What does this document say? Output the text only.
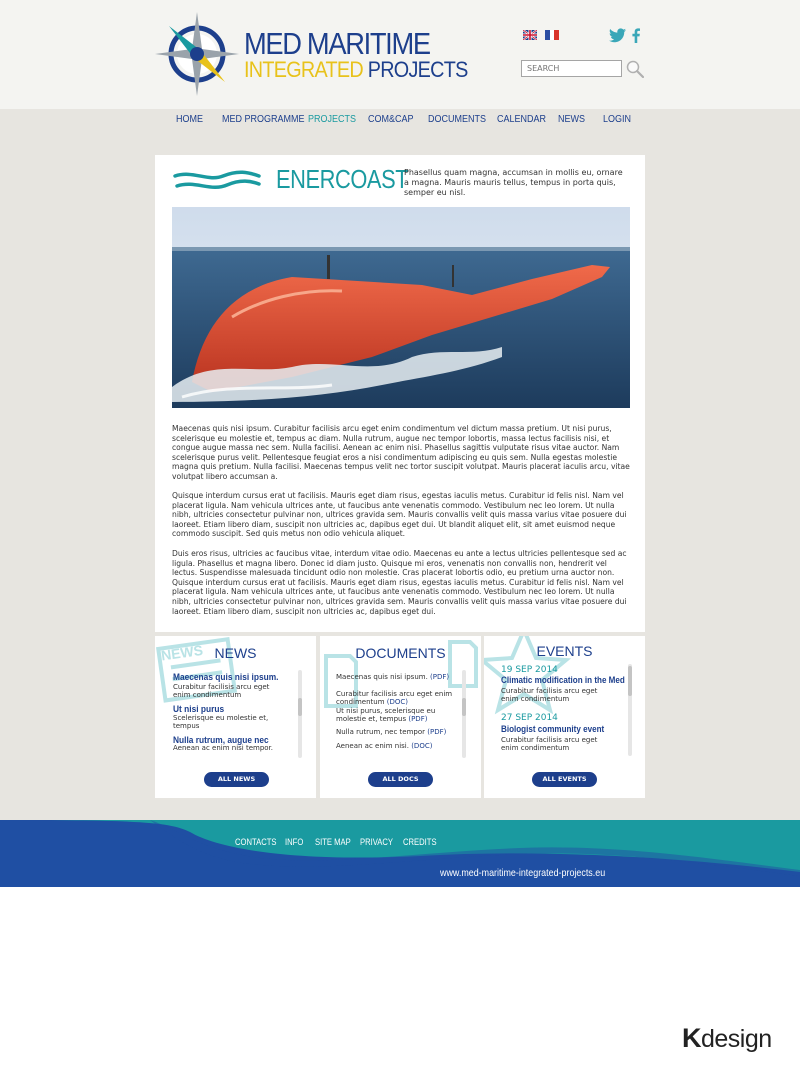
MED MARITIME
INTEGRATED PROJECTS
SEARCH
HOME MED PROGRAMME PROJECTS COM&CAP DOCUMENTS CALENDAR NEWS LOGIN
ENERCOAST
Phasellus quam magna, accumsan in mollis eu, ornare a magna. Mauris mauris tellus, tempus in porta quis, semper eu nisl.
Maecenas quis nisi ipsum. Curabitur facilisis arcu eget enim condimentum vel dictum massa pretium. Ut nisi purus, scelerisque eu molestie et, tempus ac diam. Nulla rutrum, augue nec tempor lobortis, massa lectus facilisis nisi, et congue augue massa nec sem. Nulla facilisi. Aenean ac enim nisi. Phasellus sagittis vulputate risus vitae auctor. Nam scelerisque purus velit. Pellentesque feugiat eros a nisi condimentum adipiscing eu quis sem. Nulla egestas molestie magna quis pretium. Nulla facilisi. Maecenas tempus velit nec tortor suscipit volutpat. Mauris placerat iaculis arcu, vitae volutpat libero accumsan a.
Quisque interdum cursus erat ut facilisis. Mauris eget diam risus, egestas iaculis metus. Curabitur id felis nisl. Nam vel placerat ligula. Nam vehicula ultrices ante, ut faucibus ante venenatis commodo. Vestibulum nec leo lorem. Ut nulla nibh, ultricies consectetur pulvinar non, ultrices gravida sem. Mauris convallis velit quis massa varius vitae posuere dui laoreet. Etiam libero diam, suscipit non ultricies ac, dapibus eget dui. Ut blandit aliquet elit, sit amet euismod neque commodo suscipit. Sed quis metus non odio vehicula aliquet.
Duis eros risus, ultricies ac faucibus vitae, interdum vitae odio. Maecenas eu ante a lectus ultricies pellentesque sed ac ligula. Phasellus et magna libero. Donec id diam justo. Quisque mi eros, venenatis non convallis non, hendrerit vel lectus. Suspendisse malesuada tincidunt odio non molestie. Cras placerat lobortis odio, eu pretium urna auctor non. Quisque interdum cursus erat ut facilisis. Mauris eget diam risus, egestas iaculis metus. Curabitur id felis nisl. Nam vel placerat ligula. Nam vehicula ultrices ante, ut faucibus ante venenatis commodo. Vestibulum nec leo lorem. Ut nulla nibh, ultricies consectetur pulvinar non, ultrices gravida sem. Mauris convallis velit quis massa varius vitae posuere dui laoreet. Etiam libero diam, suscipit non ultricies ac, dapibus eget dui.
NEWS NEWS
Maecenas quis nisi ipsum.
Curabitur facilisis arcu eget enim condimentum
Ut nisi purus
Scelerisque eu molestie et, tempus
Nulla rutrum, augue nec
Aenean ac enim nisi tempor.
ALL NEWS
DOCUMENTS
Maecenas quis nisi ipsum. (PDF)
Curabitur facilisis arcu eget enim condimentum (DOC)
Ut nisi purus, scelerisque eu molestie et, tempus (PDF)
Nulla rutrum, nec tempor (PDF)
Aenean ac enim nisi. (DOC)
ALL DOCS
EVENTS
19 SEP 2014
Climatic modification in the Med
Curabitur facilisis arcu eget enim condimentum
27 SEP 2014
Biologist community event
Curabitur facilisis arcu eget enim condimentum
ALL EVENTS
CONTACTS INFO SITE MAP PRIVACY CREDITS
www.med-maritime-integrated-projects.eu
Kdesign
